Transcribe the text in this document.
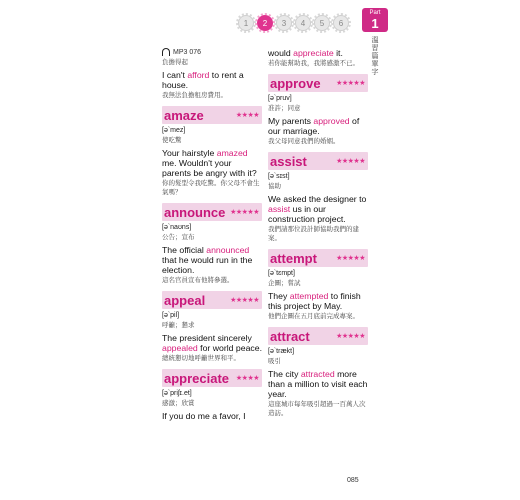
1	2	3	4	5	6
Part
1
溫習篇單字
MP3 076
負擔得起
I can't afford to rent a house.
我無法負擔租房費用。
amaze	★★★★
[ə`mez]
使吃驚
Your hairstyle amazed me. Wouldn't your parents be angry with it?
你的髮型令我吃驚。你父母不會生氣嗎？
announce ★★★★★
[ə`naʊns]
公告；宣布
The official announced that he would run in the election.
這名官員宣布他將參選。
appeal	★★★★★
[ə`pil]
呼籲；懇求
The president sincerely appealed for world peace.
總統懇切地呼籲世界和平。
appreciate ★★★★
[ə`priʃɪ.et]
感激；欣賞
If you do me a favor, I
would appreciate it.
若你能幫助我，我將感激不已。
approve ★★★★★
[ə`pruv]
准許；同意
My parents approved of our marriage.
我父母同意我們的婚姻。
assist	★★★★★
[ə`sɪst]
協助
We asked the designer to assist us in our construction project.
我們請那位設計師協助我們的建案。
attempt	★★★★★
[ə`tɛmpt]
企圖；嘗試
They attempted to finish this project by May.
他們企圖在五月底前完成專案。
attract	★★★★★
[ə`trækt]
吸引
The city attracted more than a million to visit each year.
這座城市每年吸引超過一百萬人次造訪。
085
